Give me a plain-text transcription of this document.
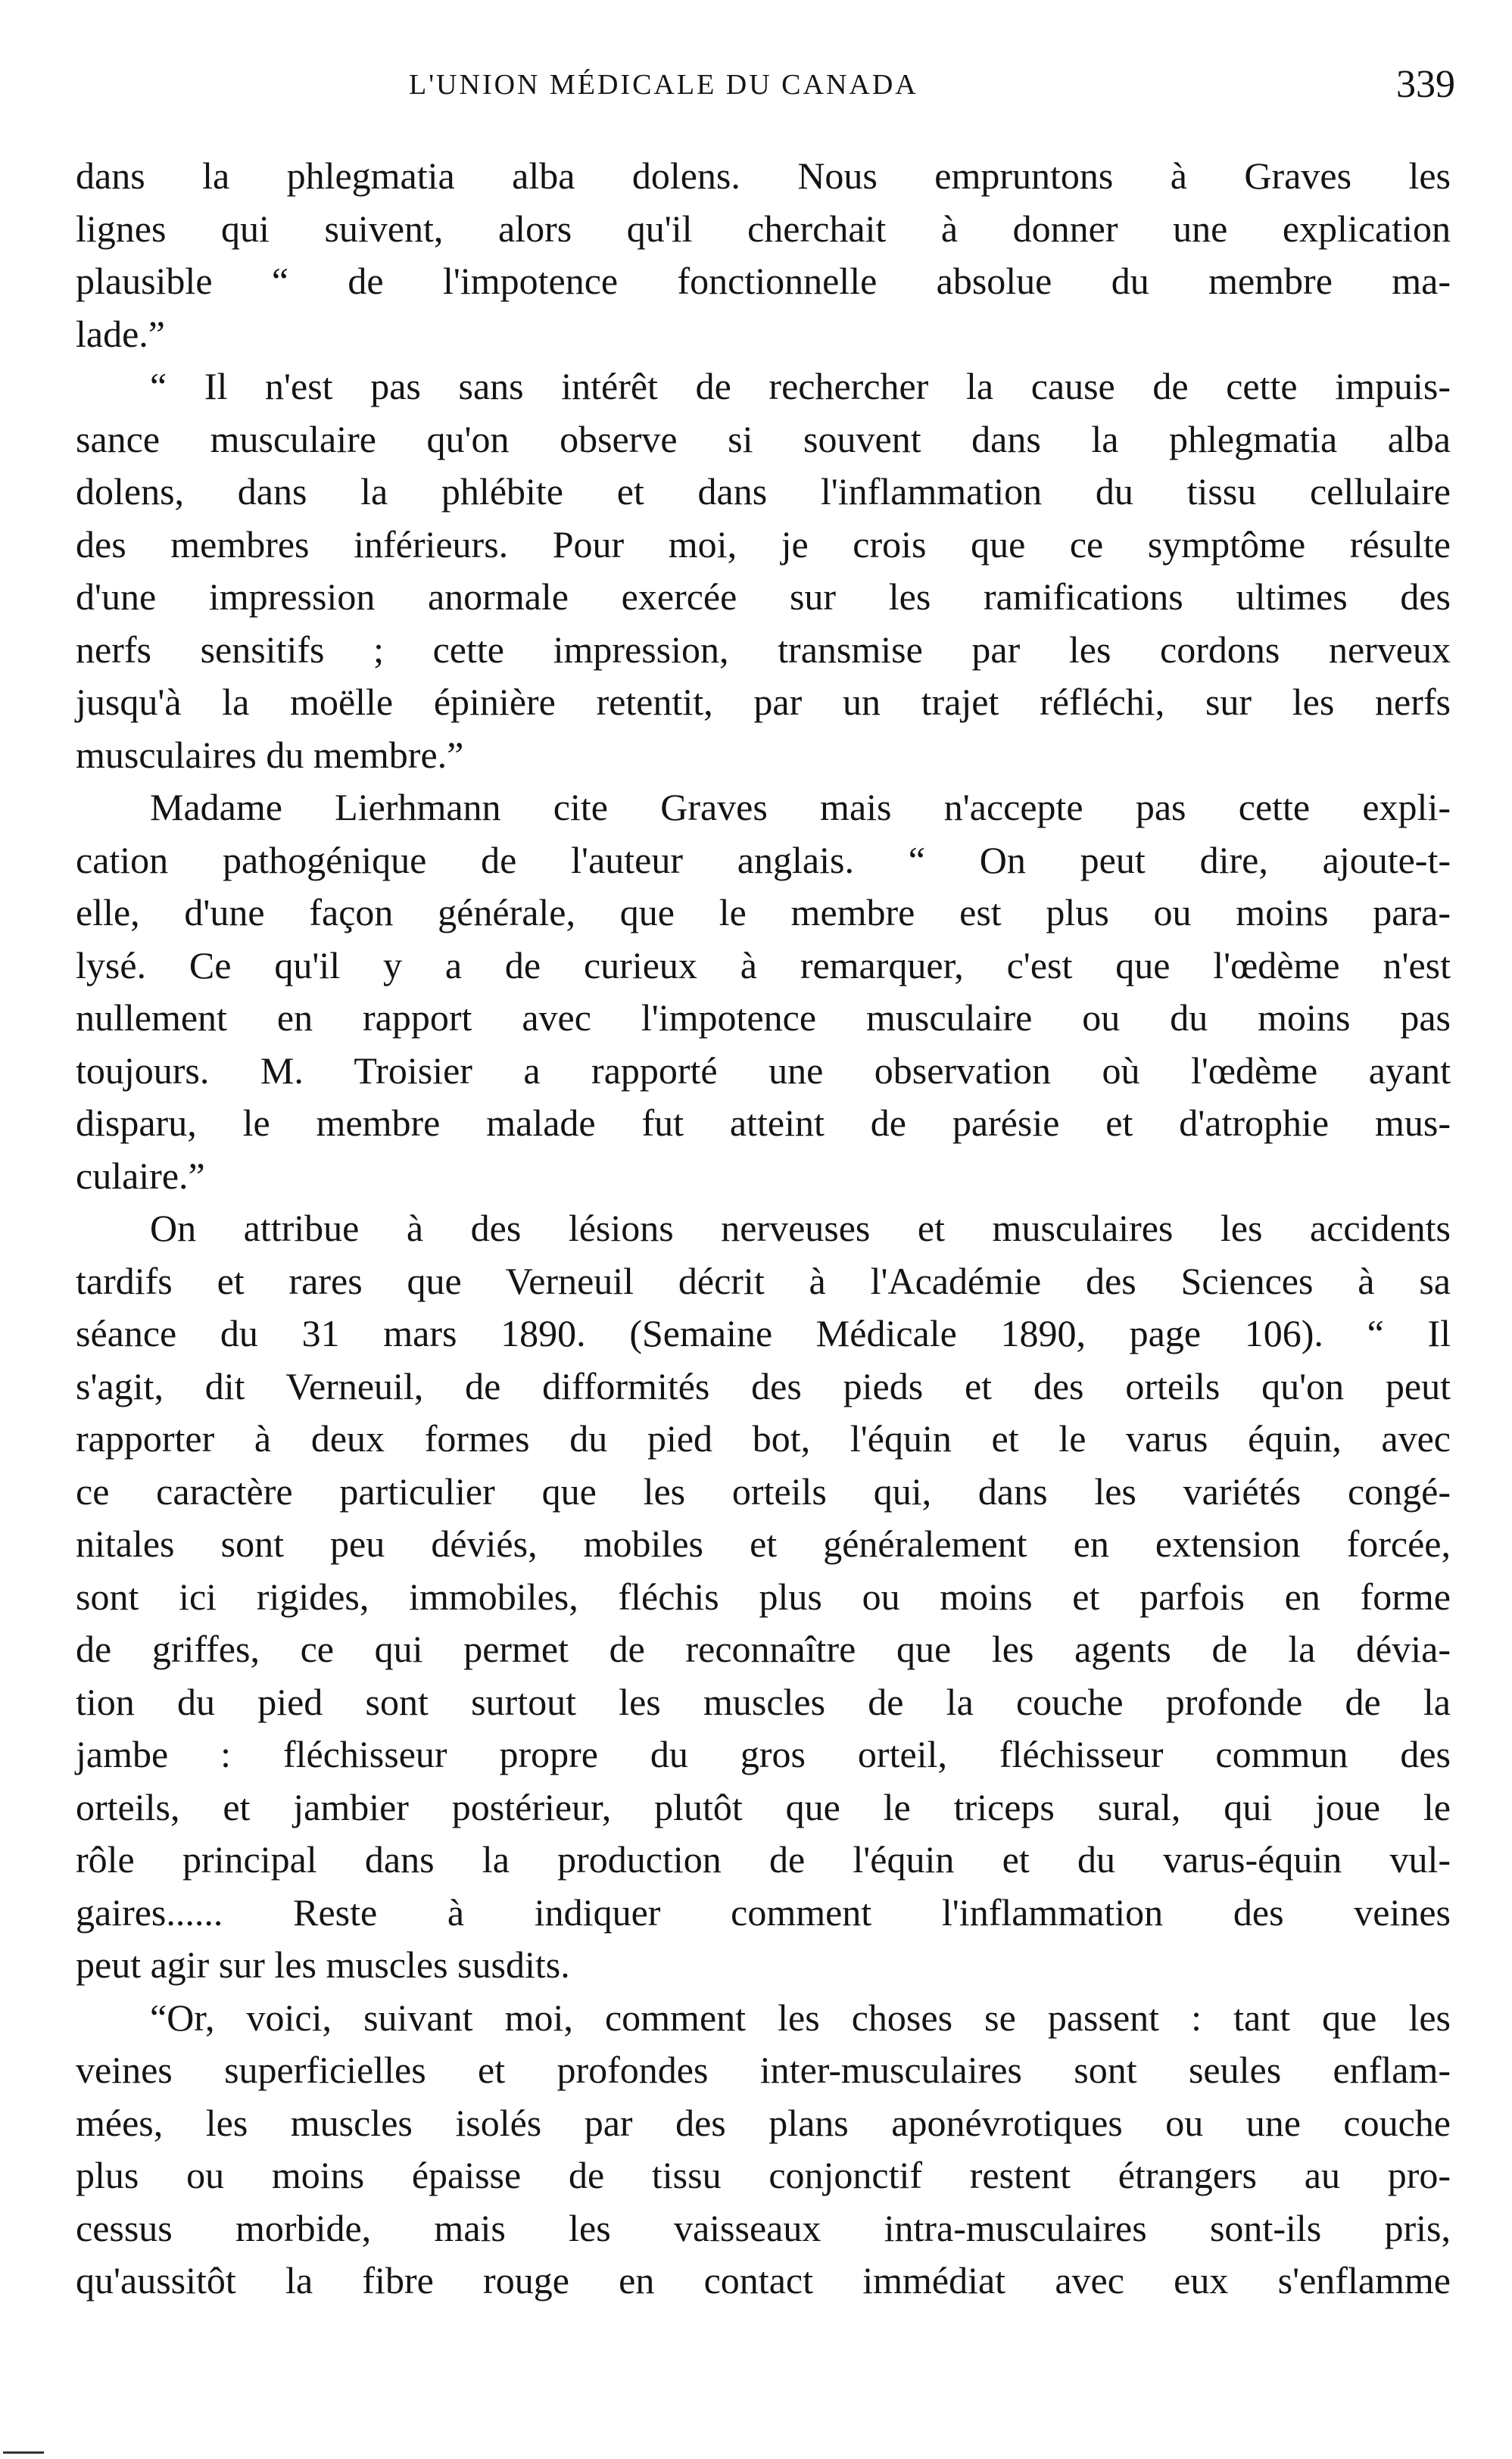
L'UNION MÉDICALE DU CANADA	339
dans la phlegmatia alba dolens. Nous empruntons à Graves les
lignes qui suivent, alors qu'il cherchait à donner une explication
plausible “ de l'impotence fonctionnelle absolue du membre ma-
lade.”
“ Il n'est pas sans intérêt de rechercher la cause de cette impuis-
sance musculaire qu'on observe si souvent dans la phlegmatia alba
dolens, dans la phlébite et dans l'inflammation du tissu cellulaire
des membres inférieurs. Pour moi, je crois que ce symptôme résulte
d'une impression anormale exercée sur les ramifications ultimes des
nerfs sensitifs ; cette impression, transmise par les cordons nerveux
jusqu'à la moëlle épinière retentit, par un trajet réfléchi, sur les nerfs
musculaires du membre.”
Madame Lierhmann cite Graves mais n'accepte pas cette expli-
cation pathogénique de l'auteur anglais. “ On peut dire, ajoute-t-
elle, d'une façon générale, que le membre est plus ou moins para-
lysé. Ce qu'il y a de curieux à remarquer, c'est que l'œdème n'est
nullement en rapport avec l'impotence musculaire ou du moins pas
toujours. M. Troisier a rapporté une observation où l'œdème ayant
disparu, le membre malade fut atteint de parésie et d'atrophie mus-
culaire.”
On attribue à des lésions nerveuses et musculaires les accidents
tardifs et rares que Verneuil décrit à l'Académie des Sciences à sa
séance du 31 mars 1890. (Semaine Médicale 1890, page 106). “ Il
s'agit, dit Verneuil, de difformités des pieds et des orteils qu'on peut
rapporter à deux formes du pied bot, l'équin et le varus équin, avec
ce caractère particulier que les orteils qui, dans les variétés congé-
nitales sont peu déviés, mobiles et généralement en extension forcée,
sont ici rigides, immobiles, fléchis plus ou moins et parfois en forme
de griffes, ce qui permet de reconnaître que les agents de la dévia-
tion du pied sont surtout les muscles de la couche profonde de la
jambe : fléchisseur propre du gros orteil, fléchisseur commun des
orteils, et jambier postérieur, plutôt que le triceps sural, qui joue le
rôle principal dans la production de l'équin et du varus-équin vul-
gaires...... Reste à indiquer comment l'inflammation des veines
peut agir sur les muscles susdits.
“Or, voici, suivant moi, comment les choses se passent : tant que les
veines superficielles et profondes inter-musculaires sont seules enflam-
mées, les muscles isolés par des plans aponévrotiques ou une couche
plus ou moins épaisse de tissu conjonctif restent étrangers au pro-
cessus morbide, mais les vaisseaux intra-musculaires sont-ils pris,
qu'aussitôt la fibre rouge en contact immédiat avec eux s'enflamme
